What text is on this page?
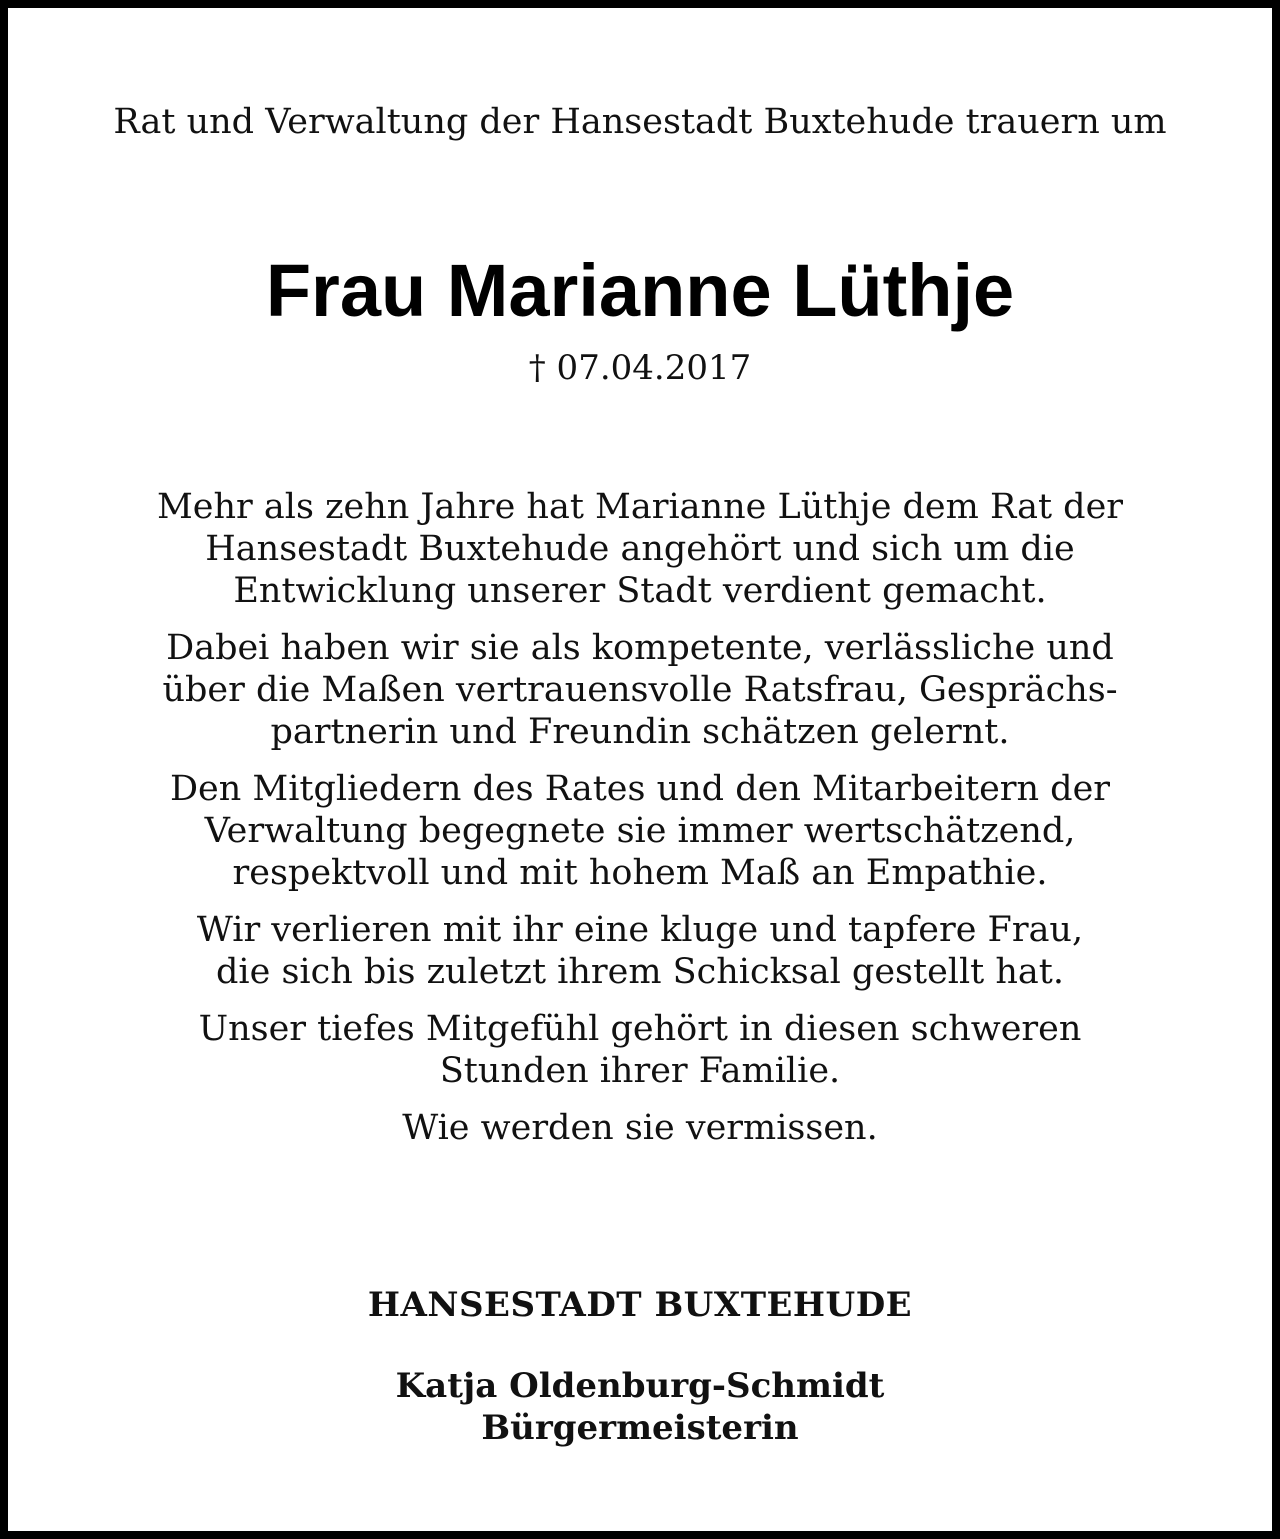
Rat und Verwaltung der Hansestadt Buxtehude trauern um
Frau Marianne Lüthje
† 07.04.2017

Mehr als zehn Jahre hat Marianne Lüthje dem Rat der
Hansestadt Buxtehude angehört und sich um die
Entwicklung unserer Stadt verdient gemacht.

Dabei haben wir sie als kompetente, verlässliche und
über die Maßen vertrauensvolle Ratsfrau, Gesprächs-
partnerin und Freundin schätzen gelernt.

Den Mitgliedern des Rates und den Mitarbeitern der
Verwaltung begegnete sie immer wertschätzend,
respektvoll und mit hohem Maß an Empathie.

Wir verlieren mit ihr eine kluge und tapfere Frau,
die sich bis zuletzt ihrem Schicksal gestellt hat.

Unser tiefes Mitgefühl gehört in diesen schweren
Stunden ihrer Familie.

Wie werden sie vermissen.

HANSESTADT BUXTEHUDE
Katja Oldenburg-Schmidt
Bürgermeisterin
